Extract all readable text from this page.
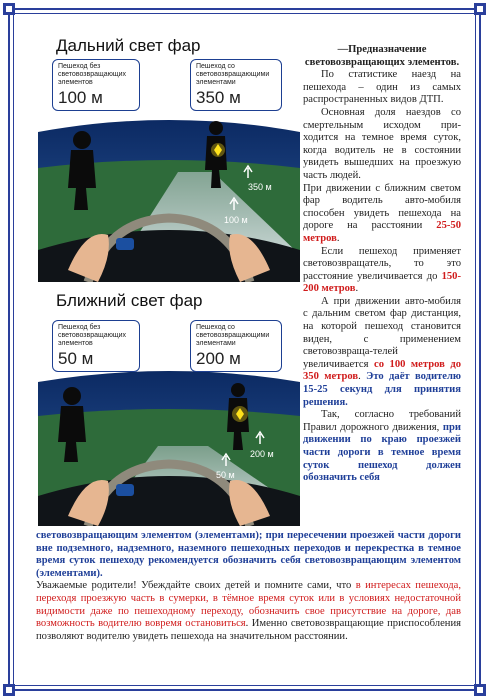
Дальний свет фар
Пешеход без световозвращающих элементов
100 м
Пешеход со световозвращающими элементами
350 м
350 м
100 м
Ближний свет фар
Пешеход без световозвращающих элементов
50 м
Пешеход со световозвращающими элементами
200 м
200 м
50 м

—Предназначение световозвращающих элементов.

По статистике наезд на пешехода – один из самых распространенных видов ДТП.

Основная доля наездов со смертельным исходом при-ходится на темное время суток, когда водитель не в состоянии увидеть вышедших на проезжую часть людей.

При движении с ближним светом фар водитель авто-мобиля способен увидеть пешехода на дороге на расстоянии 25-50 метров.

Если пешеход применяет световозвращатель, то это расстояние увеличивается до 150-200 метров.

А при движении авто-мобиля с дальним светом фар дистанция, на которой пешеход становится виден, с применением световозвраща-телей увеличивается со 100 метров до 350 метров. Это даёт водителю 15-25 секунд для принятия решения.

Так, согласно требований Правил дорожного движения, при движении по краю проезжей части дороги в темное время суток пешеход должен обозначить себя

световозвращающим элементом (элементами); при пересечении проезжей части дороги вне подземного, надземного, наземного пешеходных переходов и перекрестка в темное время суток пешеходу рекомендуется обозначить себя световозвращающим элементом (элементами).

Уважаемые родители! Убеждайте своих детей и помните сами, что в интересах пешехода, переходя проезжую часть в сумерки, в тёмное время суток или в условиях недостаточной видимости даже по пешеходному переходу, обозначить свое присутствие на дороге, дав возможность водителю вовремя остановиться. Именно световозвращающие приспособления позволяют водителю увидеть пешехода на значительном расстоянии.
